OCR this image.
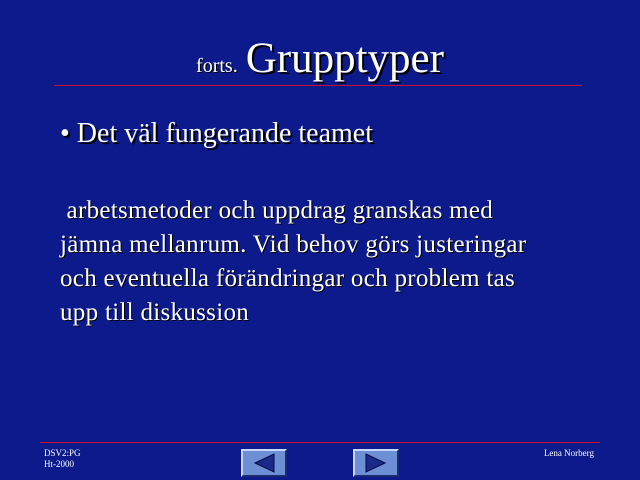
forts. Grupptyper
• Det väl fungerande teamet
arbetsmetoder och uppdrag granskas med
jämna mellanrum. Vid behov görs justeringar
och eventuella förändringar och problem tas
upp till diskussion
DSV2:PG
Ht-2000
Lena Norberg
